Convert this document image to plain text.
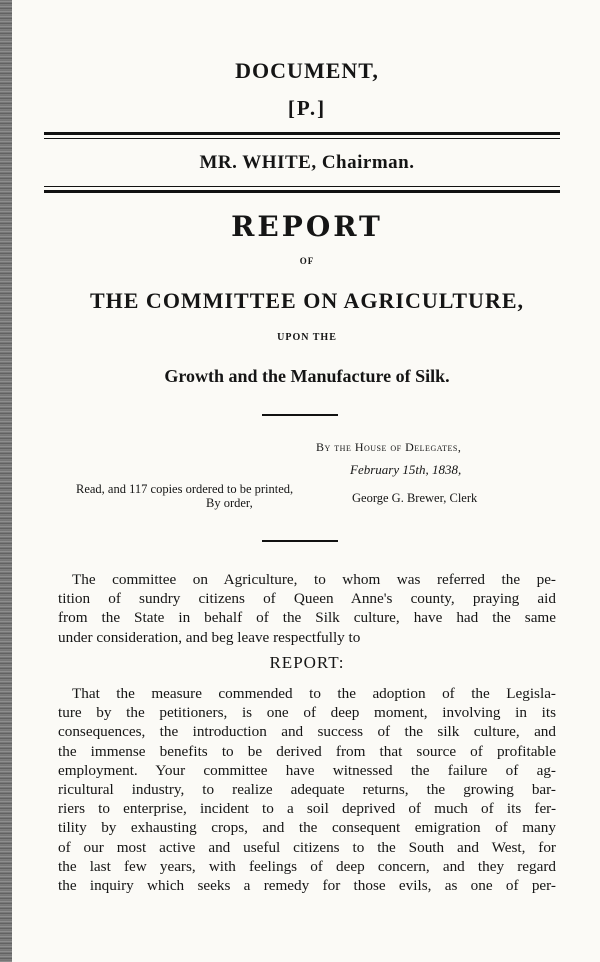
DOCUMENT,
[P.]
MR. WHITE, Chairman.
REPORT
OF
THE COMMITTEE ON AGRICULTURE,
UPON THE
Growth and the Manufacture of Silk.
By the House of Delegates,
February 15th, 1838,
Read, and 117 copies ordered to be printed,
By order,	George G. Brewer, Clerk
The committee on Agriculture, to whom was referred the pe-
tition of sundry citizens of Queen Anne's county, praying aid
from the State in behalf of the Silk culture, have had the same
under consideration, and beg leave respectfully to
REPORT:
That the measure commended to the adoption of the Legisla-
ture by the petitioners, is one of deep moment, involving in its
consequences, the introduction and success of the silk culture, and
the immense benefits to be derived from that source of profitable
employment. Your committee have witnessed the failure of ag-
ricultural industry, to realize adequate returns, the growing bar-
riers to enterprise, incident to a soil deprived of much of its fer-
tility by exhausting crops, and the consequent emigration of many
of our most active and useful citizens to the South and West, for
the last few years, with feelings of deep concern, and they regard
the inquiry which seeks a remedy for those evils, as one of per-
